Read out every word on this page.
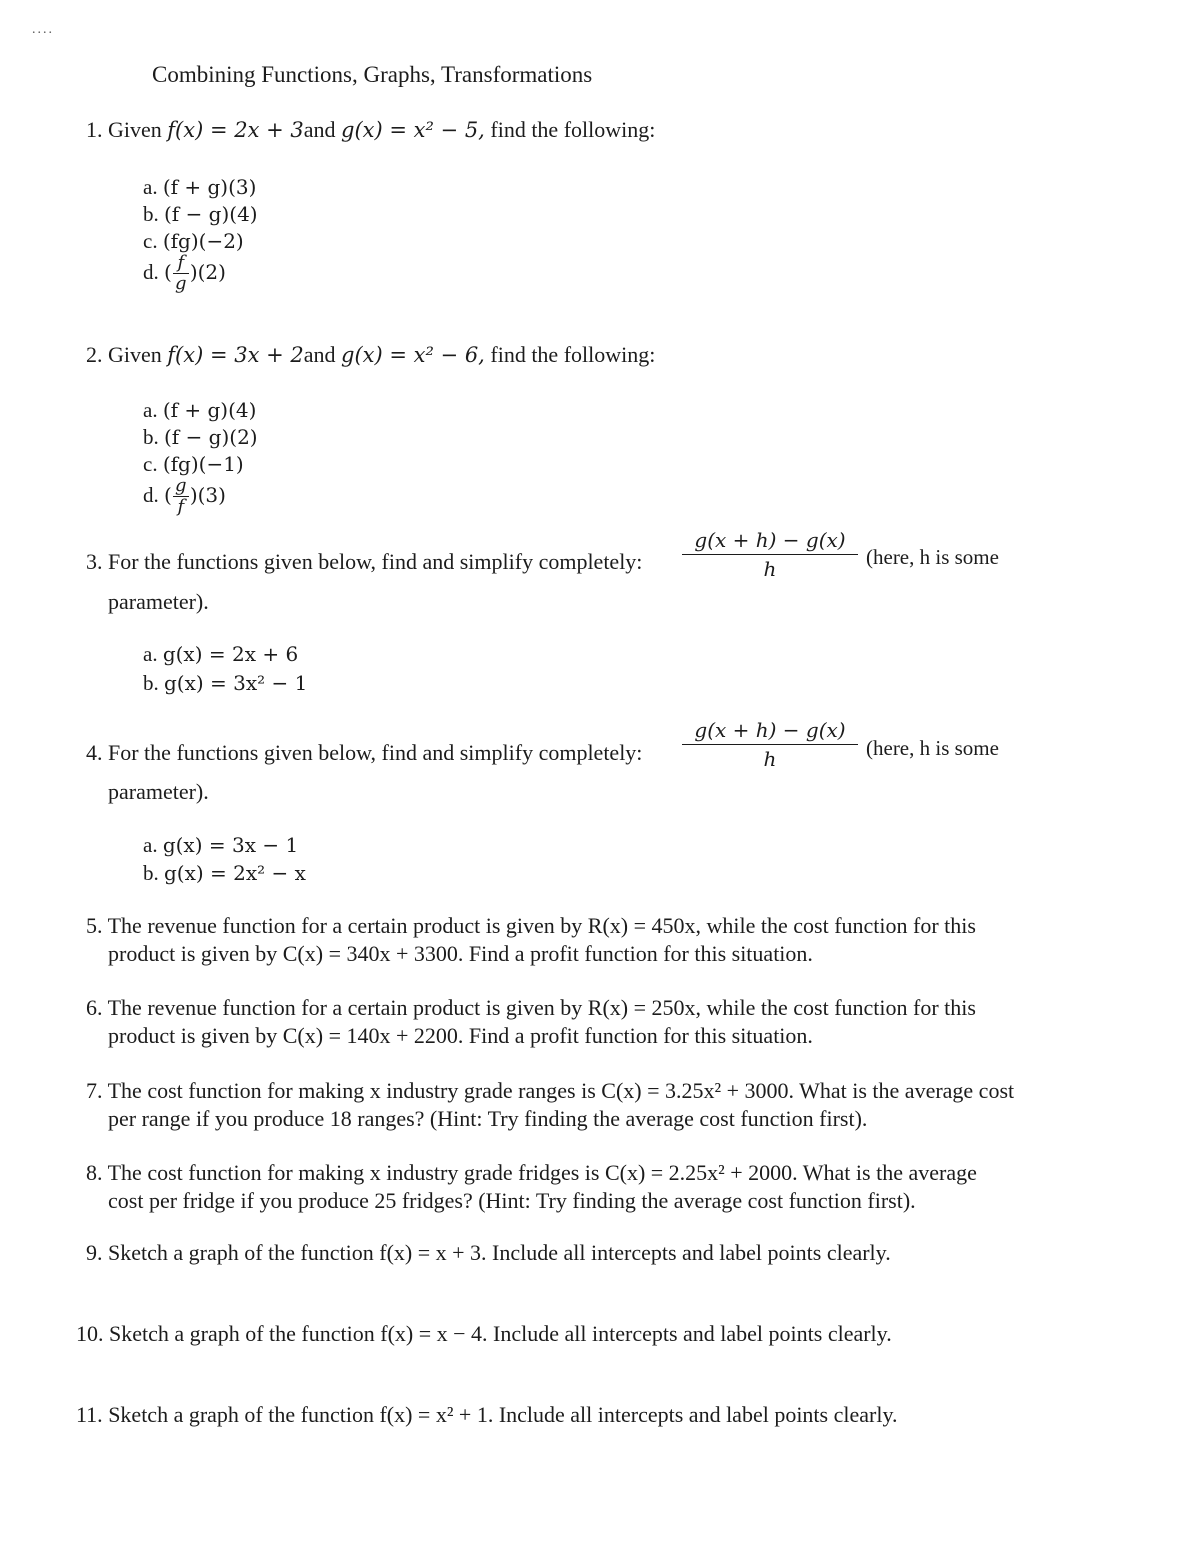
....
Combining Functions, Graphs, Transformations
1. Given f(x) = 2x + 3and g(x) = x² − 5, find the following:
a. (f + g)(3)
b. (f − g)(4)
c. (fg)(−2)
d. ( $\frac{f}{g} )(2)$
2. Given f(x) = 3x + 2and g(x) = x² − 6, find the following:
a. (f + g)(4)
b. (f − g)(2)
c. (fg)(−1)
d. ( $\frac{g}{f} )(3)$
3. For the functions given below, find and simplify completely:
g(x + h) − g(x)
h	(here, h is some
parameter).
a. g(x) = 2x + 6
b. g(x) = 3x² − 1
4. For the functions given below, find and simplify completely:
g(x + h) − g(x)
h	(here, h is some
parameter).
a. g(x) = 3x − 1
b. g(x) = 2x² − x
5. The revenue function for a certain product is given by R(x) = 450x, while the cost function for this
product is given by C(x) = 340x + 3300. Find a profit function for this situation.
6. The revenue function for a certain product is given by R(x) = 250x, while the cost function for this
product is given by C(x) = 140x + 2200. Find a profit function for this situation.
7. The cost function for making x industry grade ranges is C(x) = 3.25x² + 3000. What is the average cost
per range if you produce 18 ranges? (Hint: Try finding the average cost function first).
8. The cost function for making x industry grade fridges is C(x) = 2.25x² + 2000. What is the average
cost per fridge if you produce 25 fridges? (Hint: Try finding the average cost function first).
9. Sketch a graph of the function f(x) = x + 3. Include all intercepts and label points clearly.
10. Sketch a graph of the function f(x) = x − 4. Include all intercepts and label points clearly.
11. Sketch a graph of the function f(x) = x² + 1. Include all intercepts and label points clearly.
